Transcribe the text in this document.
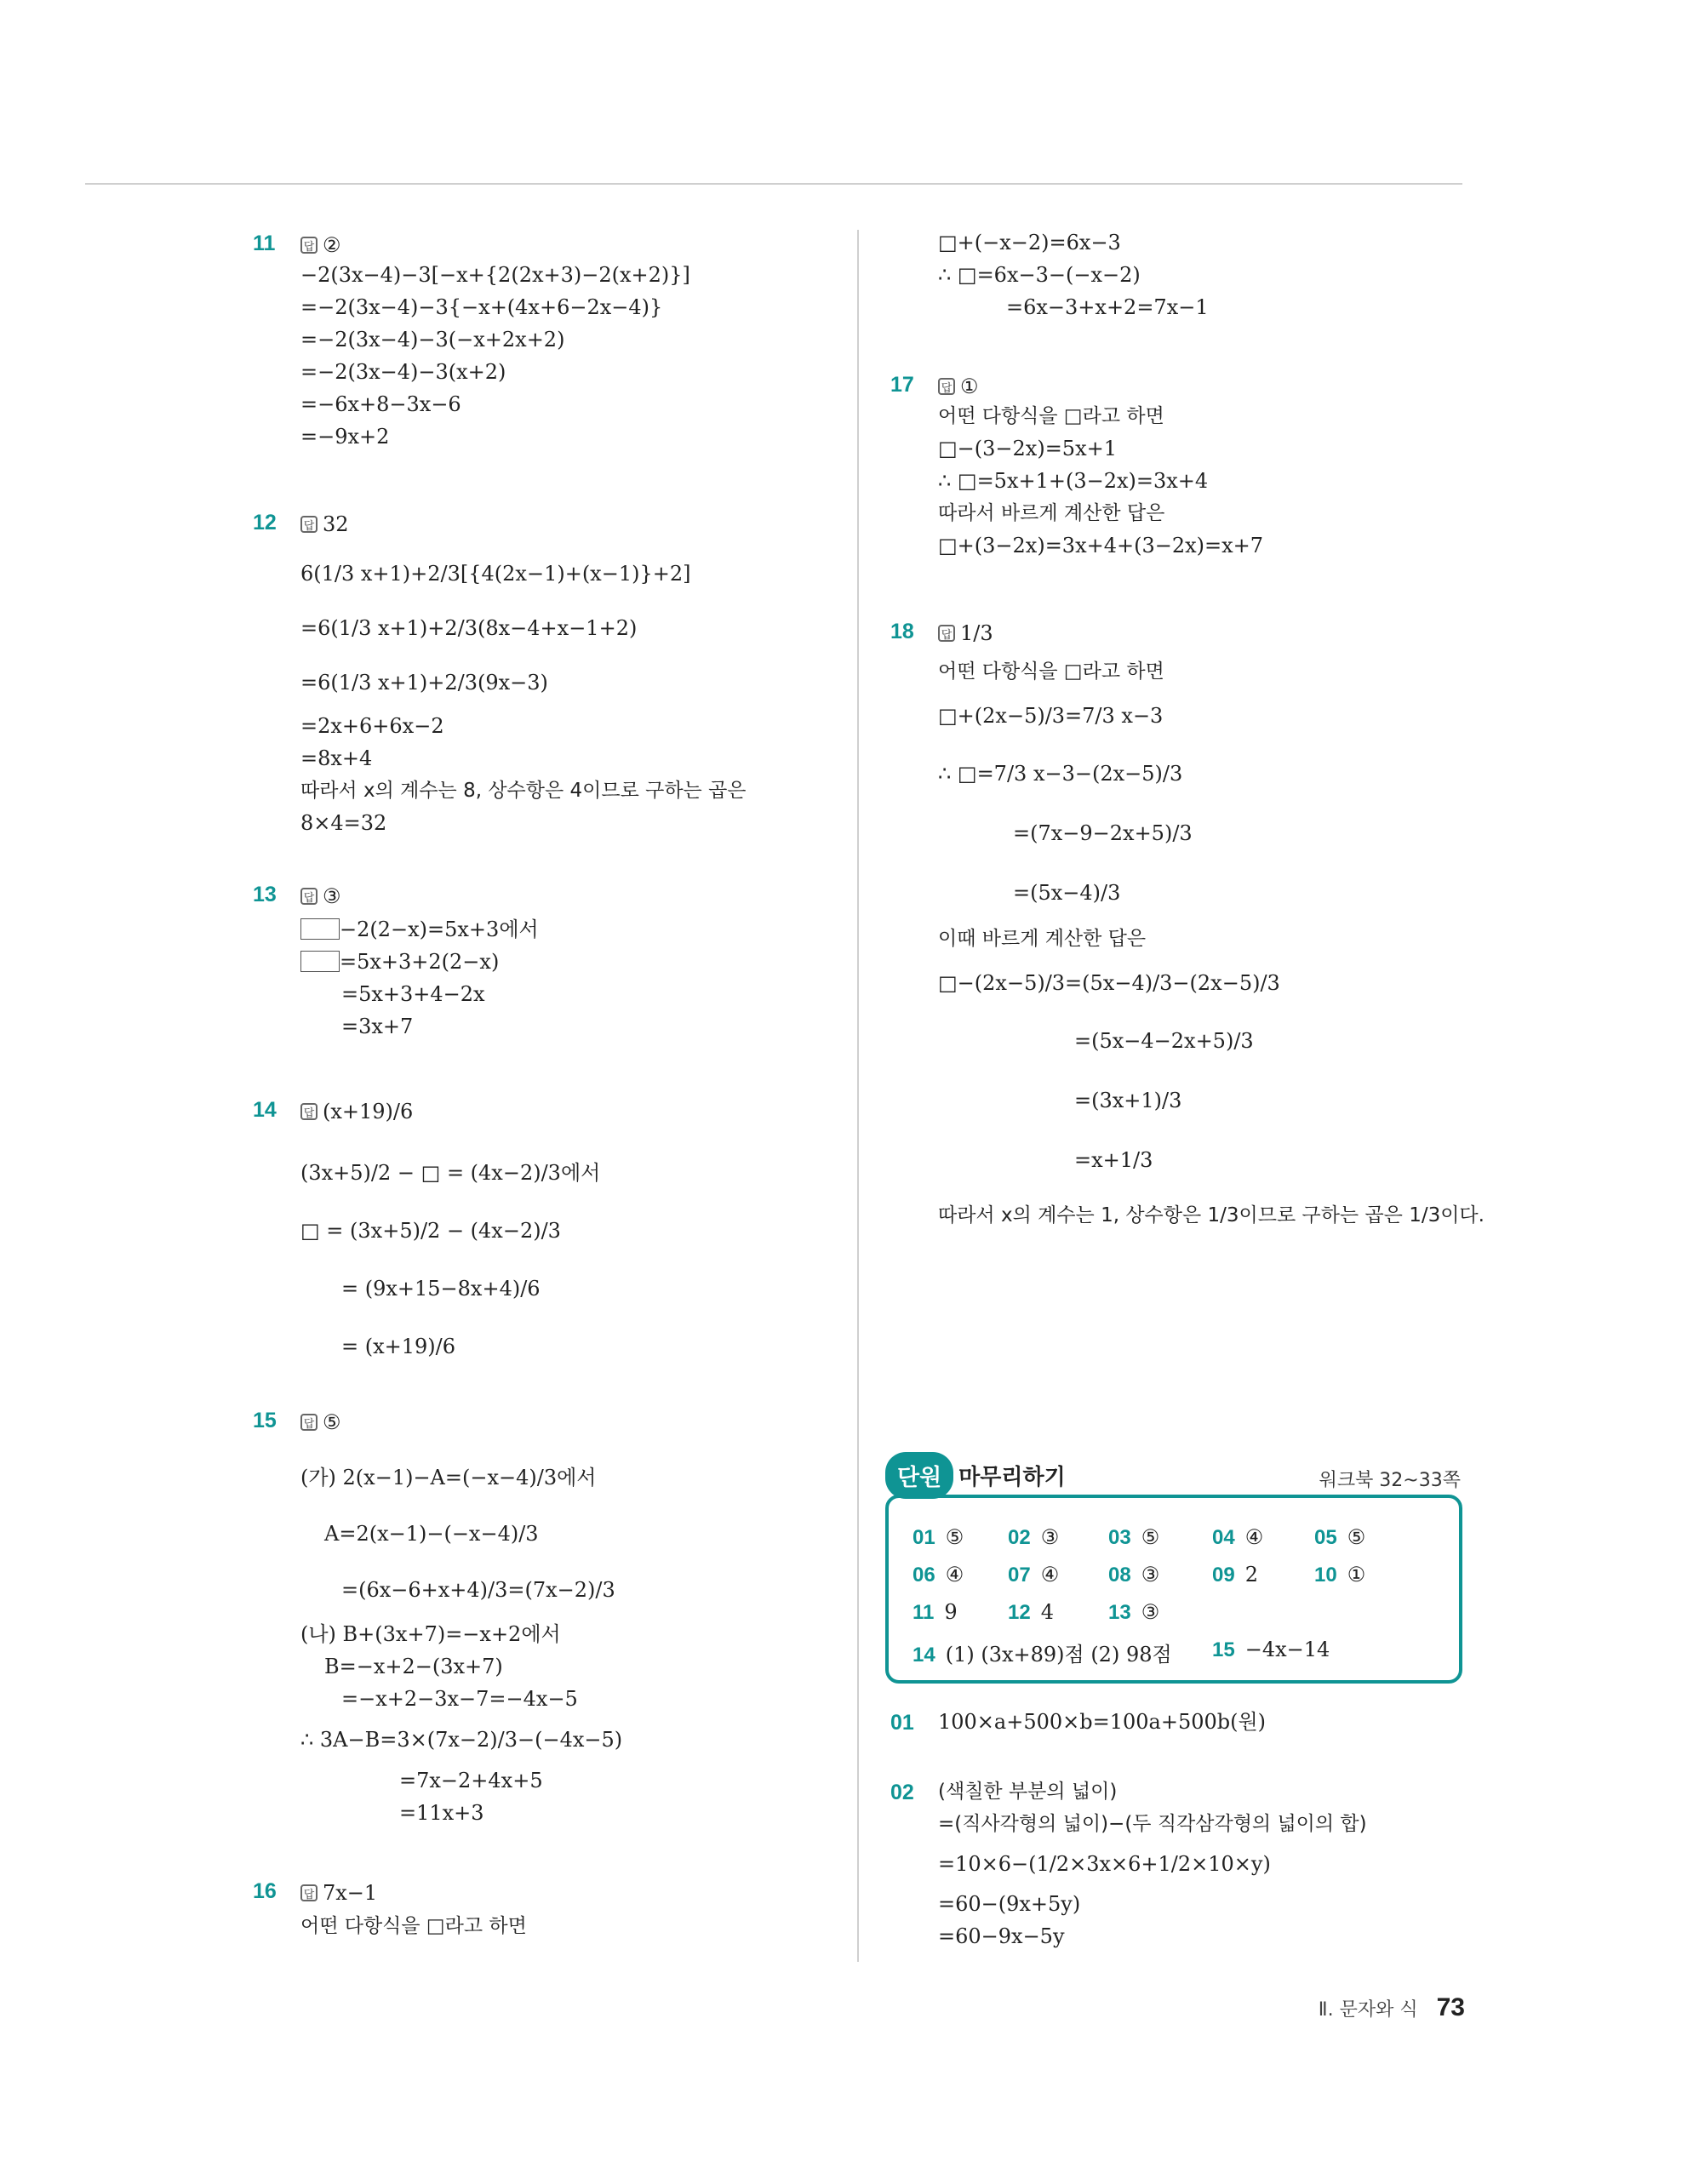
11	답 ②
−2(3x−4)−3[−x+{2(2x+3)−2(x+2)}]
=−2(3x−4)−3{−x+(4x+6−2x−4)}
=−2(3x−4)−3(−x+2x+2)
=−2(3x−4)−3(x+2)
=−6x+8−3x−6
=−9x+2
12 답 32
6(1/3 x+1)+2/3[{4(2x−1)+(x−1)}+2]
=6(1/3 x+1)+2/3(8x−4+x−1+2)
=6(1/3 x+1)+2/3(9x−3)
=2x+6+6x−2
=8x+4
따라서 x의 계수는 8, 상수항은 4이므로 구하는 곱은
8×4=32
13 답 ③
−2(2−x)=5x+3에서
=5x+3+2(2−x)
=5x+3+4−2x
=3x+7
14 답 (x+19)/6
(3x+5)/2 − □ = (4x−2)/3에서
□ = (3x+5)/2 − (4x−2)/3
= (9x+15−8x+4)/6
= (x+19)/6
15 답 ⑤
(가) 2(x−1)−A=(−x−4)/3에서
A=2(x−1)−(−x−4)/3
=(6x−6+x+4)/3=(7x−2)/3
(나) B+(3x+7)=−x+2에서
B=−x+2−(3x+7)
=−x+2−3x−7=−4x−5
∴ 3A−B=3×(7x−2)/3−(−4x−5)
=7x−2+4x+5
=11x+3
16 답 7x−1
어떤 다항식을 □라고 하면
□+(−x−2)=6x−3
∴ □=6x−3−(−x−2)
=6x−3+x+2=7x−1
17 답 ①
어떤 다항식을 □라고 하면
□−(3−2x)=5x+1
∴ □=5x+1+(3−2x)=3x+4
따라서 바르게 계산한 답은
□+(3−2x)=3x+4+(3−2x)=x+7
18 답 1/3
어떤 다항식을 □라고 하면
□+(2x−5)/3=7/3 x−3
∴ □=7/3 x−3−(2x−5)/3
=(7x−9−2x+5)/3
=(5x−4)/3
이때 바르게 계산한 답은
□−(2x−5)/3=(5x−4)/3−(2x−5)/3
=(5x−4−2x+5)/3
=(3x+1)/3
=x+1/3
따라서 x의 계수는 1, 상수항은 1/3이므로 구하는 곱은 1/3이다.
단원 마무리하기	워크북 32~33쪽
01 ⑤ 02 ③ 03 ⑤	04 ④ 05 ⑤
06 ④ 07 ④ 08 ③	09 2	10 ①
11 9 12 4	13 ③
14 (1) (3x+89)점 (2) 98점 15 −4x−14
01 100×a+500×b=100a+500b(원)
02 (색칠한 부분의 넓이)
=(직사각형의 넓이)−(두 직각삼각형의 넓이의 합)
=10×6−(1/2×3x×6+1/2×10×y)
=60−(9x+5y)
=60−9x−5y
Ⅱ. 문자와 식 73
